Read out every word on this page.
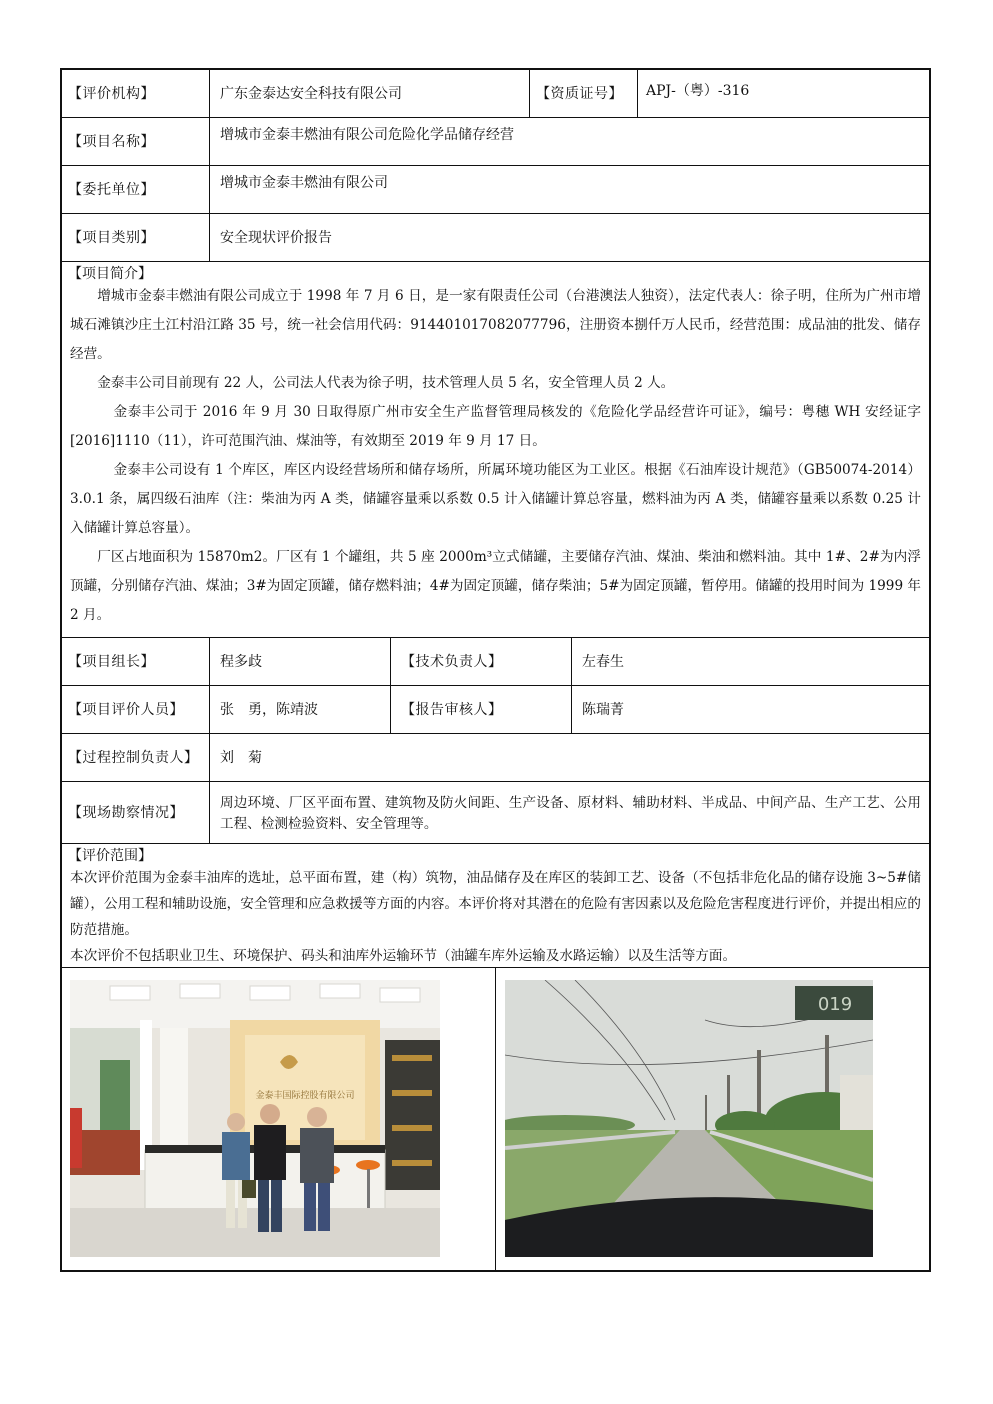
【评价机构】	广东金泰达安全科技有限公司	【资质证号】	APJ-（粤）-316
【项目名称】	增城市金泰丰燃油有限公司危险化学品储存经营
【委托单位】	增城市金泰丰燃油有限公司
【项目类别】	安全现状评价报告
【项目简介】

增城市金泰丰燃油有限公司成立于 1998 年 7 月 6 日，是一家有限责任公司（台港澳法人独资），法定代表人：徐子明，住所为广州市增城石滩镇沙庄土江村沿江路 35 号，统一社会信用代码：914401017082077796，注册资本捌仟万人民币，经营范围：成品油的批发、储存经营。

金泰丰公司目前现有 22 人，公司法人代表为徐子明，技术管理人员 5 名，安全管理人员 2 人。

金泰丰公司于 2016 年 9 月 30 日取得原广州市安全生产监督管理局核发的《危险化学品经营许可证》，编号：粤穗 WH 安经证字[2016]1110（11），许可范围汽油、煤油等，有效期至 2019 年 9 月 17 日。

金泰丰公司设有 1 个库区，库区内设经营场所和储存场所，所属环境功能区为工业区。根据《石油库设计规范》（GB50074-2014）3.0.1 条，属四级石油库（注：柴油为丙 A 类，储罐容量乘以系数 0.5 计入储罐计算总容量，燃料油为丙 A 类，储罐容量乘以系数 0.25 计入储罐计算总容量）。

厂区占地面积为 15870m2。厂区有 1 个罐组，共 5 座 2000m³立式储罐，主要储存汽油、煤油、柴油和燃料油。其中 1#、2#为内浮顶罐，分别储存汽油、煤油；3#为固定顶罐，储存燃料油；4#为固定顶罐，储存柴油；5#为固定顶罐，暂停用。储罐的投用时间为 1999 年 2 月。

【项目组长】	程多歧	【技术负责人】	左春生
【项目评价人员】	张　勇，陈靖波	【报告审核人】	陈瑞菁
【过程控制负责人】	刘　菊
【现场勘察情况】
周边环境、厂区平面布置、建筑物及防火间距、生产设备、原材料、辅助材料、半成品、中间产品、生产工艺、公用工程、检测检验资料、安全管理等。
【评价范围】

本次评价范围为金泰丰油库的选址，总平面布置，建（构）筑物，油品储存及在库区的装卸工艺、设备（不包括非危化品的储存设施 3~5#储罐），公用工程和辅助设施，安全管理和应急救援等方面的内容。本评价将对其潜在的危险有害因素以及危险危害程度进行评价，并提出相应的防范措施。

本次评价不包括职业卫生、环境保护、码头和油库外运输环节（油罐车库外运输及水路运输）以及生活等方面。

金泰丰国际控股有限公司
019
